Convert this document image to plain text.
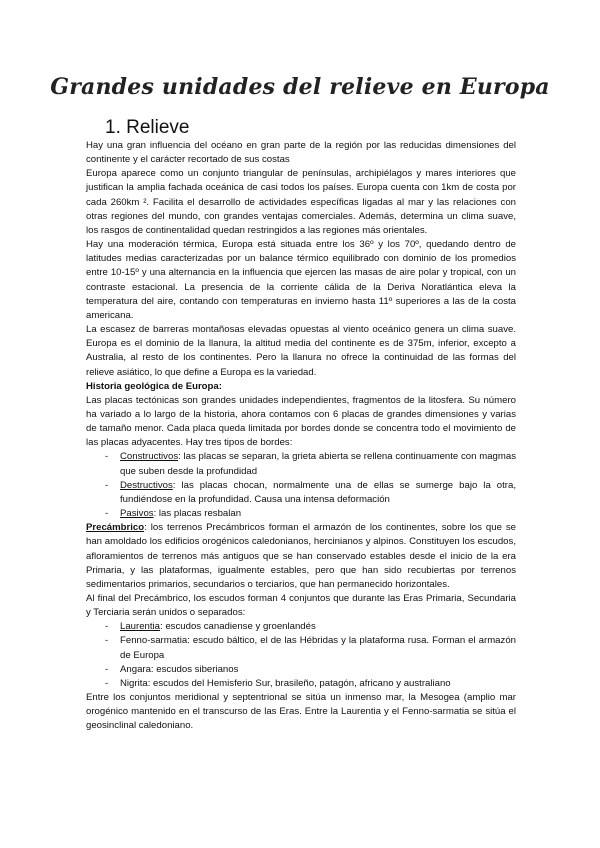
Grandes unidades del relieve en Europa
1. Relieve

Hay una gran influencia del océano en gran parte de la región por las reducidas dimensiones del continente y el carácter recortado de sus costas

Europa aparece como un conjunto triangular de penínsulas, archipiélagos y mares interiores que justifican la amplia fachada oceánica de casi todos los países. Europa cuenta con 1km de costa por cada 260km ². Facilita el desarrollo de actividades específicas ligadas al mar y las relaciones con otras regiones del mundo, con grandes ventajas comerciales. Además, determina un clima suave, los rasgos de continentalidad quedan restringidos a las regiones más orientales.

Hay una moderación térmica, Europa está situada entre los 36º y los 70º, quedando dentro de latitudes medias caracterizadas por un balance térmico equilibrado con dominio de los promedios entre 10-15º y una alternancia en la influencia que ejercen las masas de aire polar y tropical, con un contraste estacional. La presencia de la corriente cálida de la Deriva Noratlántica eleva la temperatura del aire, contando con temperaturas en invierno hasta 11º superiores a las de la costa americana.

La escasez de barreras montañosas elevadas opuestas al viento oceánico genera un clima suave. Europa es el dominio de la llanura, la altitud media del continente es de 375m, inferior, excepto a Australia, al resto de los continentes. Pero la llanura no ofrece la continuidad de las formas del relieve asiático, lo que define a Europa es la variedad.

Historia geológica de Europa:

Las placas tectónicas son grandes unidades independientes, fragmentos de la litosfera. Su número ha variado a lo largo de la historia, ahora contamos con 6 placas de grandes dimensiones y varias de tamaño menor. Cada placa queda limitada por bordes donde se concentra todo el movimiento de las placas adyacentes. Hay tres tipos de bordes:

- Constructivos: las placas se separan, la grieta abierta se rellena continuamente con magmas que suben desde la profundidad
- Destructivos: las placas chocan, normalmente una de ellas se sumerge bajo la otra, fundiéndose en la profundidad. Causa una intensa deformación
- Pasivos: las placas resbalan

Precámbrico: los terrenos Precámbricos forman el armazón de los continentes, sobre los que se han amoldado los edificios orogénicos caledonianos, hercinianos y alpinos. Constituyen los escudos, afloramientos de terrenos más antiguos que se han conservado estables desde el inicio de la era Primaria, y las plataformas, igualmente estables, pero que han sido recubiertas por terrenos sedimentarios primarios, secundarios o terciarios, que han permanecido horizontales.

Al final del Precámbrico, los escudos forman 4 conjuntos que durante las Eras Primaria, Secundaria y Terciaria serán unidos o separados:

- Laurentia: escudos canadiense y groenlandés
- Fenno-sarmatia: escudo báltico, el de las Hébridas y la plataforma rusa. Forman el armazón de Europa
- Angara: escudos siberianos
- Nigrita: escudos del Hemisferio Sur, brasileño, patagón, africano y australiano

Entre los conjuntos meridional y septentrional se sitúa un inmenso mar, la Mesogea (amplio mar orogénico mantenido en el transcurso de las Eras. Entre la Laurentia y el Fenno-sarmatia se sitúa el geosinclinal caledoniano.
